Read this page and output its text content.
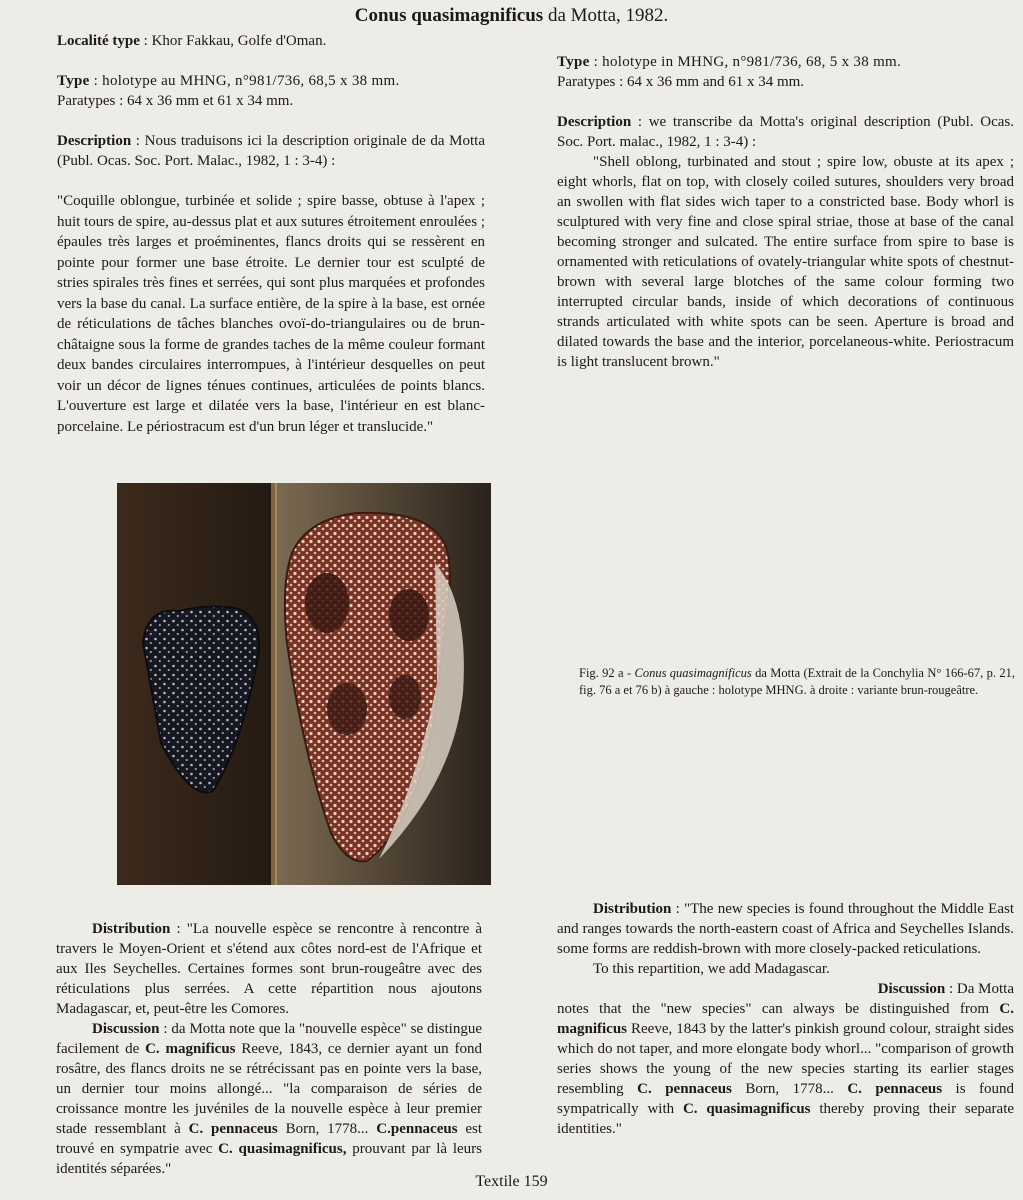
Conus quasimagnificus da Motta, 1982.

Localité type : Khor Fakkau, Golfe d'Oman.

Type : holotype au MHNG, n°981/736, 68,5 x 38 mm.

Paratypes : 64 x 36 mm et 61 x 34 mm.

Description : Nous traduisons ici la description originale de da Motta (Publ. Ocas. Soc. Port. Malac., 1982, 1 : 3-4) :

"Coquille oblongue, turbinée et solide ; spire basse, obtuse à l'apex ; huit tours de spire, au-dessus plat et aux sutures étroitement enroulées ; épaules très larges et proéminentes, flancs droits qui se ressèrent en pointe pour former une base étroite. Le dernier tour est sculpté de stries spirales très fines et serrées, qui sont plus marquées et profondes vers la base du canal. La surface entière, de la spire à la base, est ornée de réticulations de tâches blanches ovoï-do-triangulaires ou de brun-châtaigne sous la forme de grandes taches de la même couleur formant deux bandes circulaires interrompues, à l'intérieur desquelles on peut voir un décor de lignes ténues continues, articulées de points blancs. L'ouverture est large et dilatée vers la base, l'intérieur en est blanc-porcelaine. Le périostracum est d'un brun léger et translucide."

Type : holotype in MHNG, n°981/736, 68, 5 x 38 mm.

Paratypes : 64 x 36 mm and 61 x 34 mm.

Description : we transcribe da Motta's original description (Publ. Ocas. Soc. Port. malac., 1982, 1 : 3-4) :

"Shell oblong, turbinated and stout ; spire low, obuste at its apex ; eight whorls, flat on top, with closely coiled sutures, shoulders very broad an swollen with flat sides wich taper to a constricted base. Body whorl is sculptured with very fine and close spiral striae, those at base of the canal becoming stronger and sulcated. The entire surface from spire to base is ornamented with reticulations of ovately-triangular white spots of chestnut-brown with several large blotches of the same colour forming two interrupted circular bands, inside of which decorations of continuous strands articulated with white spots can be seen. Aperture is broad and dilated towards the base and the interior, porcelaneous-white. Periostracum is light translucent brown."

Fig. 92 a - Conus quasimagnificus da Motta (Extrait de la Conchylia N° 166-67, p. 21, fig. 76 a et 76 b) à gauche : holotype MHNG. à droite : variante brun-rougeâtre.

Distribution : "La nouvelle espèce se rencontre à rencontre à travers le Moyen-Orient et s'étend aux côtes nord-est de l'Afrique et aux Iles Seychelles. Certaines formes sont brun-rougeâtre avec des réticulations plus serrées. A cette répartition nous ajoutons Madagascar, et, peut-être les Comores.

Discussion : da Motta note que la "nouvelle espèce" se distingue facilement de C. magnificus Reeve, 1843, ce dernier ayant un fond rosâtre, des flancs droits ne se rétrécissant pas en pointe vers la base, un dernier tour moins allongé... "la comparaison de séries de croissance montre les juvéniles de la nouvelle espèce à leur premier stade ressemblant à C. pennaceus Born, 1778... C.pennaceus est trouvé en sympatrie avec C. quasimagnificus, prouvant par là leurs identités séparées."

Distribution : "The new species is found throughout the Middle East and ranges towards the north-eastern coast of Africa and Seychelles Islands. some forms are reddish-brown with more closely-packed reticulations.

To this repartition, we add Madagascar.

Discussion : Da Motta

notes that the "new species" can always be distinguished from C. magnificus Reeve, 1843 by the latter's pinkish ground colour, straight sides which do not taper, and more elongate body whorl... "comparison of growth series shows the young of the new species starting its earlier stages resembling C. pennaceus Born, 1778... C. pennaceus is found sympatrically with C. quasimagnificus thereby proving their separate identities."

Textile 159
